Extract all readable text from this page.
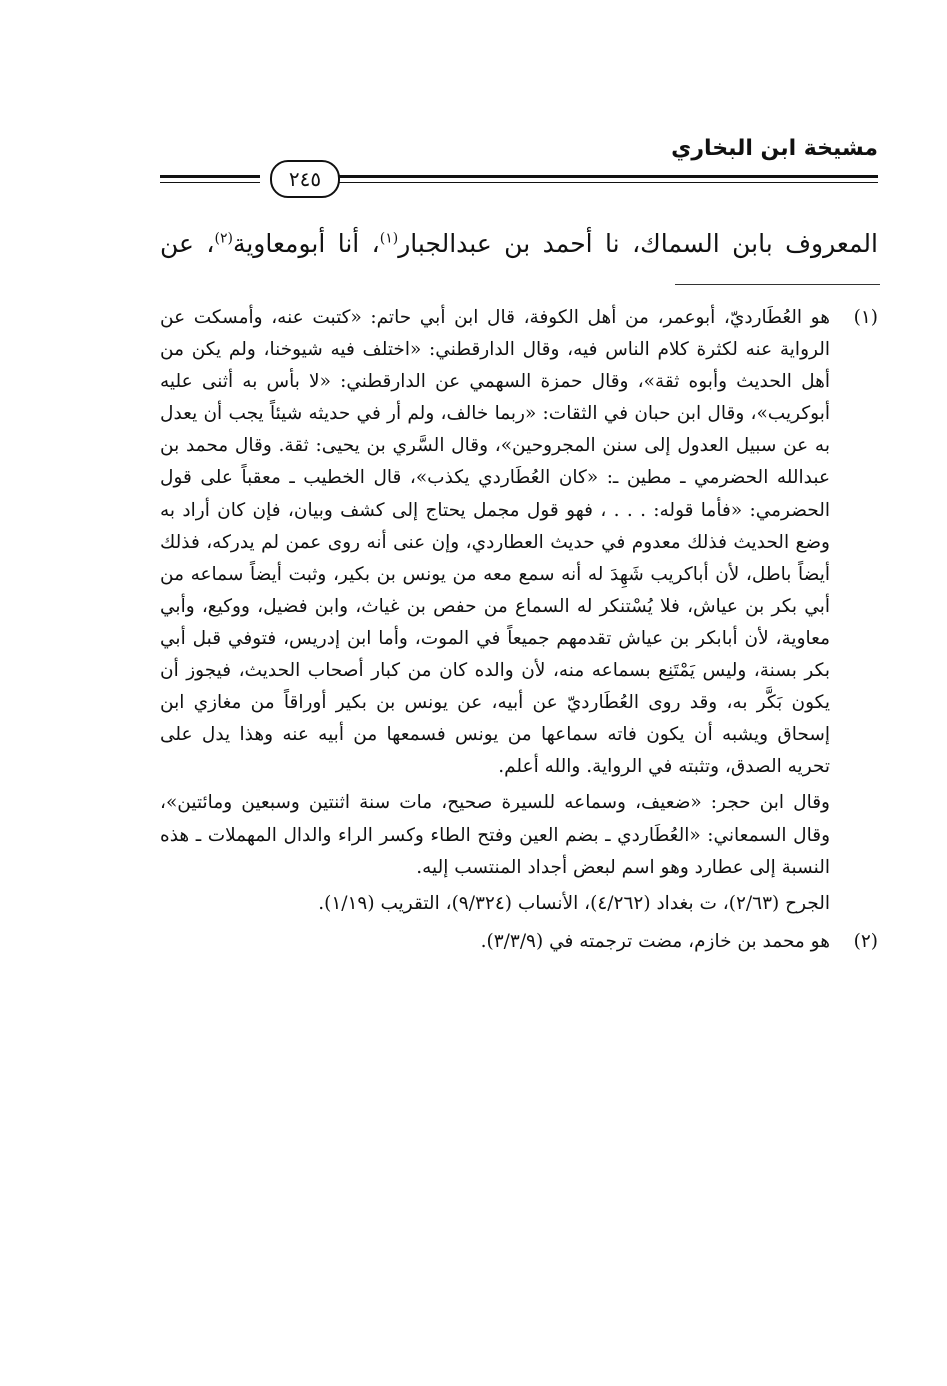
مشيخة ابن البخاري
٢٤٥
المعروف بابن السماك، نا أحمد بن عبدالجبار$^{(١)}$، أنا أبومعاوية$^{(٢)}$، عن
(١)

هو العُطَارديّ، أبوعمر، من أهل الكوفة، قال ابن أبي حاتم: «كتبت عنه، وأمسكت عن الرواية عنه لكثرة كلام الناس فيه، وقال الدارقطني: «اختلف فيه شيوخنا، ولم يكن من أهل الحديث وأبوه ثقة»، وقال حمزة السهمي عن الدارقطني: «لا بأس به أثنى عليه أبوكريب»، وقال ابن حبان في الثقات: «ربما خالف، ولم أر في حديثه شيئاً يجب أن يعدل به عن سبيل العدول إلى سنن المجروحين»، وقال السَّري بن يحيى: ثقة. وقال محمد بن عبدالله الحضرمي ـ مطين ـ: «كان العُطَاردي يكذب»، قال الخطيب ـ معقباً على قول الحضرمي: «فأما قوله: . . . ، فهو قول مجمل يحتاج إلى كشف وبيان، فإن كان أراد به وضع الحديث فذلك معدوم في حديث العطاردي، وإن عنى أنه روى عمن لم يدركه، فذلك أيضاً باطل، لأن أباكريب شَهِدَ له أنه سمع معه من يونس بن بكير، وثبت أيضاً سماعه من أبي بكر بن عياش، فلا يُسْتنكر له السماع من حفص بن غياث، وابن فضيل، ووكيع، وأبي معاوية، لأن أبابكر بن عياش تقدمهم جميعاً في الموت، وأما ابن إدريس، فتوفي قبل أبي بكر بسنة، وليس يَمْتَنِع بسماعه منه، لأن والده كان من كبار أصحاب الحديث، فيجوز أن يكون بَكَّر به، وقد روى العُطَارديّ عن أبيه، عن يونس بن بكير أوراقاً من مغازي ابن إسحاق ويشبه أن يكون فاته سماعها من يونس فسمعها من أبيه عنه وهذا يدل على تحريه الصدق، وتثبته في الرواية. والله أعلم.

وقال ابن حجر: «ضعيف، وسماعه للسيرة صحيح، مات سنة اثنتين وسبعين ومائتين»، وقال السمعاني: «العُطَاردي ـ بضم العين وفتح الطاء وكسر الراء والدال المهملات ـ هذه النسبة إلى عطارد وهو اسم لبعض أجداد المنتسب إليه.

الجرح (٢/٦٣)، ت بغداد (٤/٢٦٢)، الأنساب (٩/٣٢٤)، التقريب (١/١٩).

(٢)

هو محمد بن خازم، مضت ترجمته في (٣/٣/٩).
